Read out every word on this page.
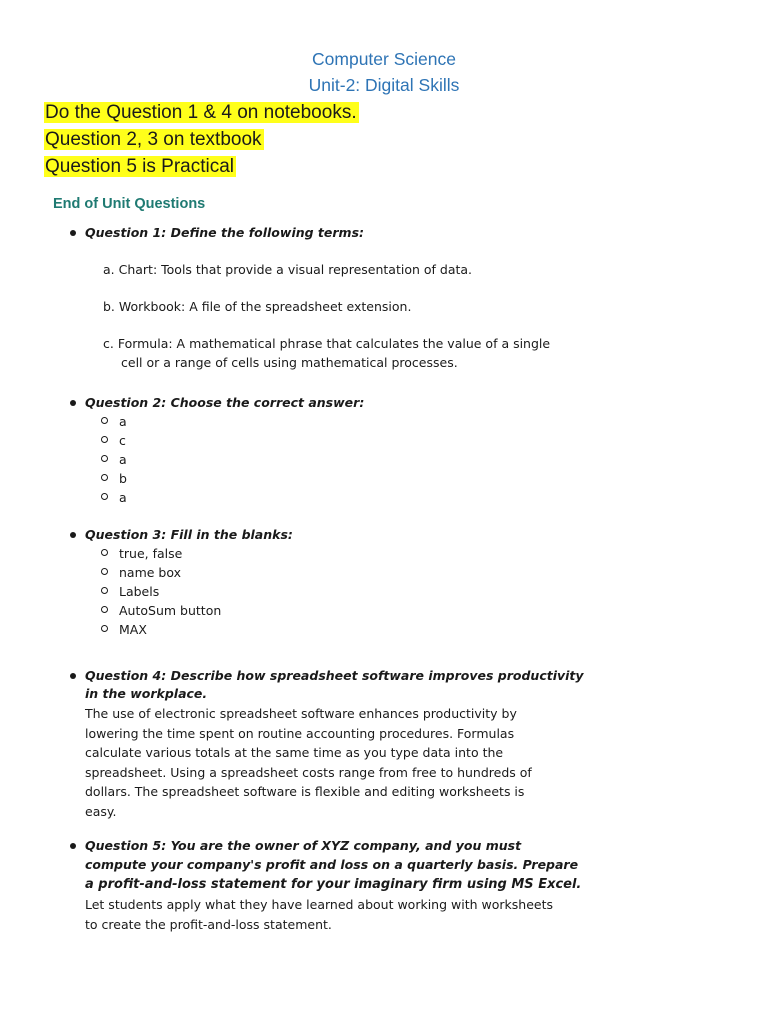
Computer Science
Unit-2: Digital Skills
Do the Question 1 & 4 on notebooks.
Question 2, 3 on textbook
Question 5 is Practical
End of Unit Questions
Question 1: Define the following terms:
a. Chart: Tools that provide a visual representation of data.
b. Workbook: A file of the spreadsheet extension.
c. Formula: A mathematical phrase that calculates the value of a single
cell or a range of cells using mathematical processes.
Question 2: Choose the correct answer:
a
c
a
b
a
Question 3: Fill in the blanks:
true, false
name box
Labels
AutoSum button
MAX
Question 4: Describe how spreadsheet software improves productivity
in the workplace.
The use of electronic spreadsheet software enhances productivity by
lowering the time spent on routine accounting procedures. Formulas
calculate various totals at the same time as you type data into the
spreadsheet. Using a spreadsheet costs range from free to hundreds of
dollars. The spreadsheet software is flexible and editing worksheets is
easy.
Question 5: You are the owner of XYZ company, and you must
compute your company's profit and loss on a quarterly basis. Prepare
a profit-and-loss statement for your imaginary firm using MS Excel.
Let students apply what they have learned about working with worksheets
to create the profit-and-loss statement.
